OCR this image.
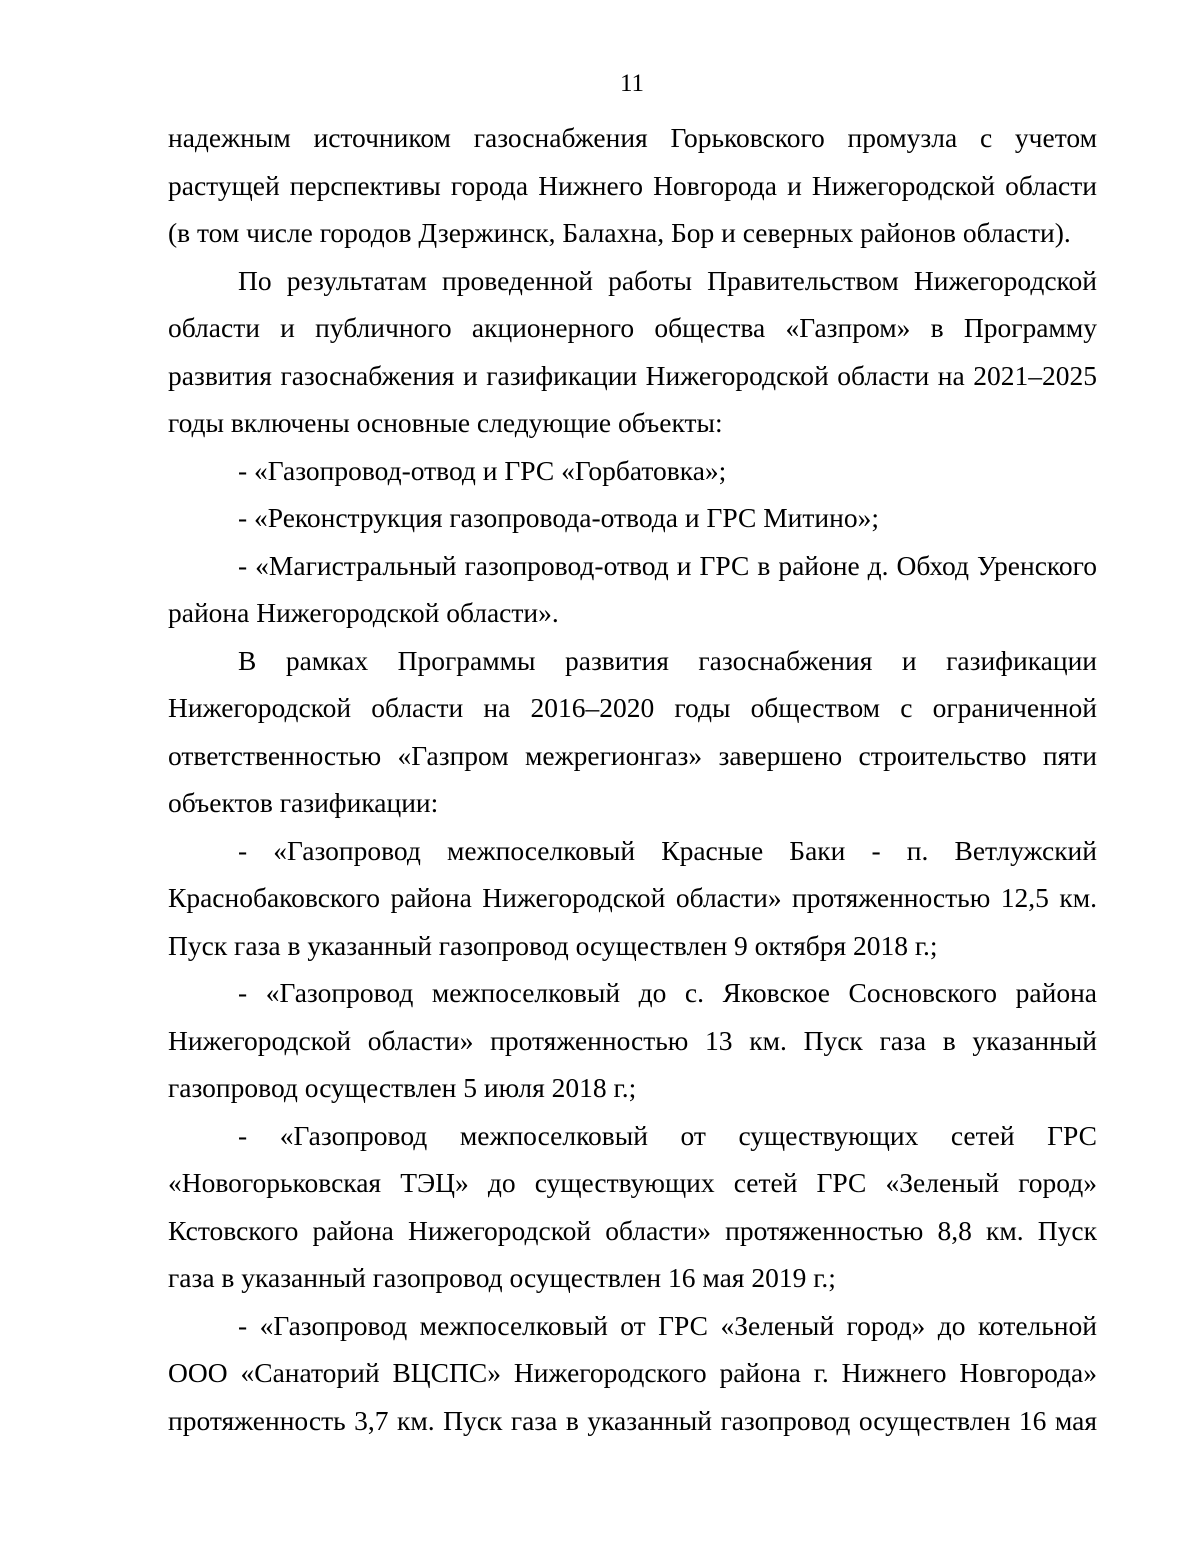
11

надежным источником газоснабжения Горьковского промузла с учетом растущей перспективы города Нижнего Новгорода и Нижегородской области (в том числе городов Дзержинск, Балахна, Бор и северных районов области).

По результатам проведенной работы Правительством Нижегородской области и публичного акционерного общества «Газпром» в Программу развития газоснабжения и газификации Нижегородской области на 2021–2025 годы включены основные следующие объекты:

- «Газопровод-отвод и ГРС «Горбатовка»;

- «Реконструкция газопровода-отвода и ГРС Митино»;

- «Магистральный газопровод-отвод и ГРС в районе д. Обход Уренского района Нижегородской области».

В рамках Программы развития газоснабжения и газификации Нижегородской области на 2016–2020 годы обществом с ограниченной ответственностью «Газпром межрегионгаз» завершено строительство пяти объектов газификации:

- «Газопровод межпоселковый Красные Баки - п. Ветлужский Краснобаковского района Нижегородской области» протяженностью 12,5 км. Пуск газа в указанный газопровод осуществлен 9 октября 2018 г.;

- «Газопровод межпоселковый до с. Яковское Сосновского района Нижегородской области» протяженностью 13 км. Пуск газа в указанный газопровод осуществлен 5 июля 2018 г.;

- «Газопровод межпоселковый от существующих сетей ГРС «Новогорьковская ТЭЦ» до существующих сетей ГРС «Зеленый город» Кстовского района Нижегородской области» протяженностью 8,8 км. Пуск газа в указанный газопровод осуществлен 16 мая 2019 г.;

- «Газопровод межпоселковый от ГРС «Зеленый город» до котельной ООО «Санаторий ВЦСПС» Нижегородского района г. Нижнего Новгорода» протяженность 3,7 км. Пуск газа в указанный газопровод осуществлен 16 мая
